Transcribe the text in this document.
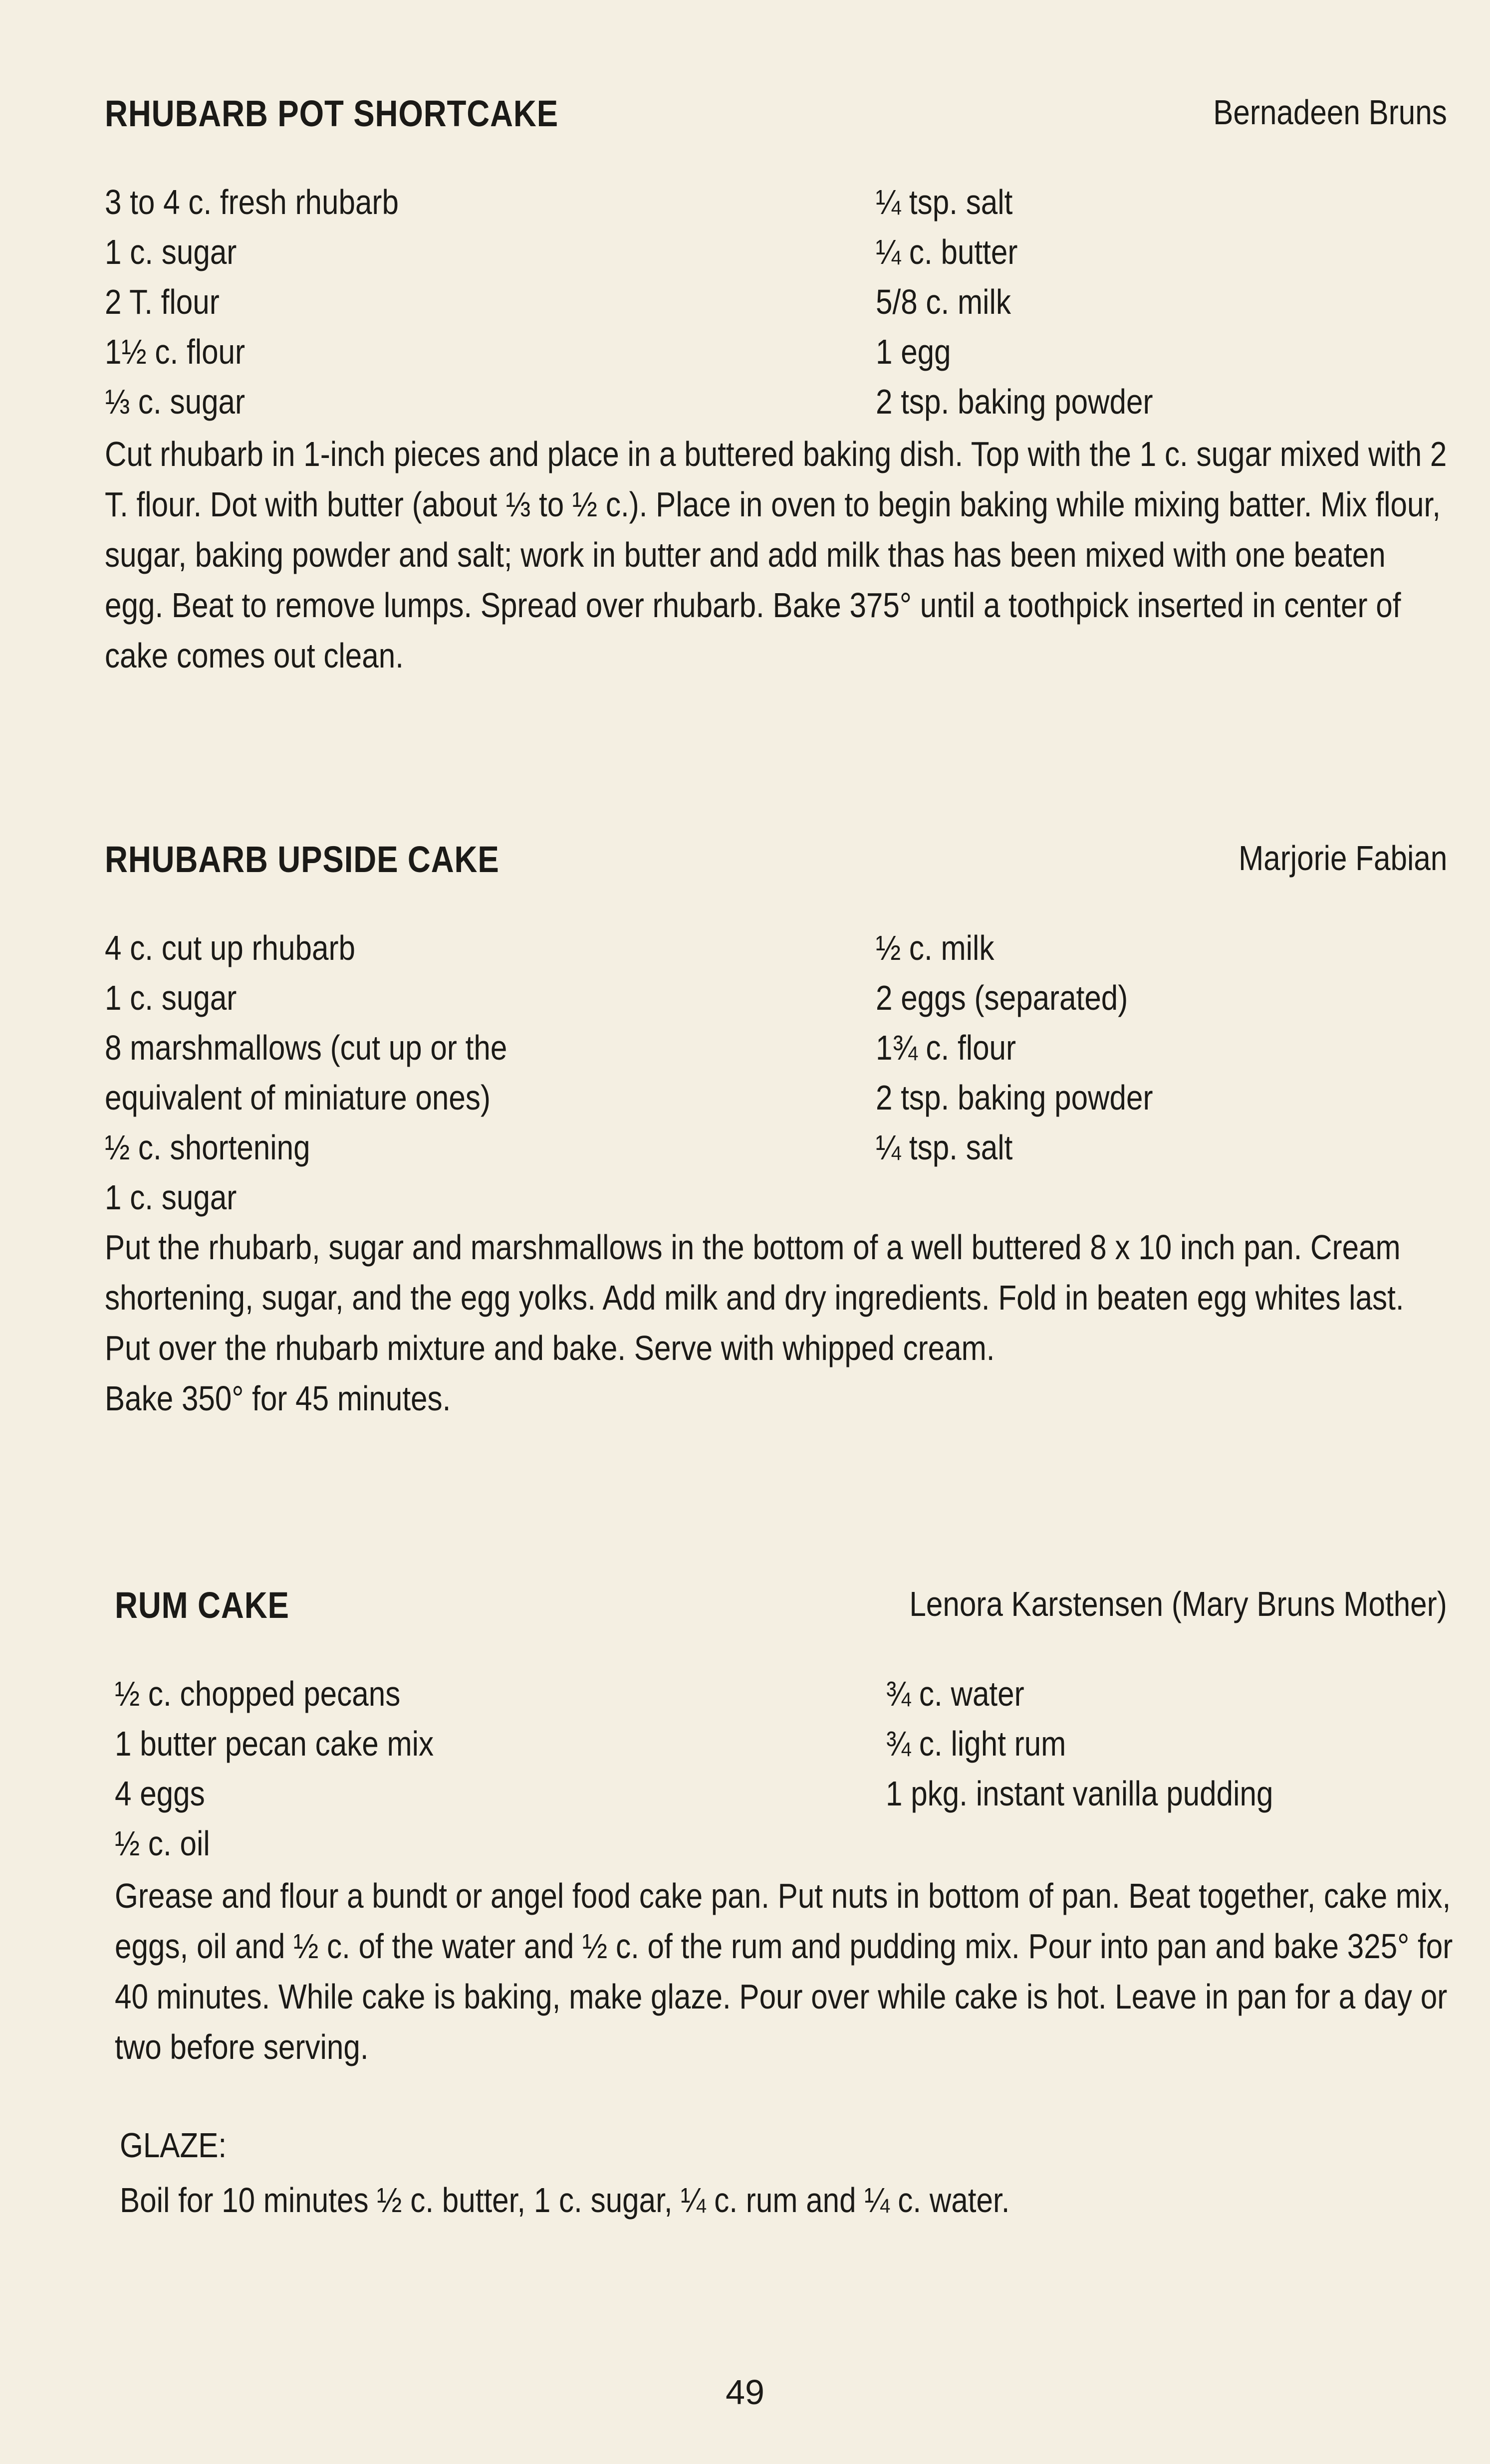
RHUBARB POT SHORTCAKE	Bernadeen Bruns
3 to 4 c. fresh rhubarb
1 c. sugar
2 T. flour
1½ c. flour
⅓ c. sugar
¼ tsp. salt
¼ c. butter
5/8 c. milk
1 egg
2 tsp. baking powder

Cut rhubarb in 1-inch pieces and place in a buttered baking dish. Top with the 1 c. sugar mixed with 2 T. flour. Dot with butter (about ⅓ to ½ c.). Place in oven to begin baking while mixing batter. Mix flour, sugar, baking powder and salt; work in butter and add milk thas has been mixed with one beaten egg. Beat to remove lumps. Spread over rhubarb. Bake 375° until a toothpick inserted in center of cake comes out clean.

RHUBARB UPSIDE CAKE	Marjorie Fabian
4 c. cut up rhubarb
1 c. sugar
8 marshmallows (cut up or the
equivalent of miniature ones)
½ c. shortening
1 c. sugar
½ c. milk
2 eggs (separated)
1¾ c. flour
2 tsp. baking powder
¼ tsp. salt

Put the rhubarb, sugar and marshmallows in the bottom of a well buttered 8 x 10 inch pan. Cream shortening, sugar, and the egg yolks. Add milk and dry ingredients. Fold in beaten egg whites last. Put over the rhubarb mixture and bake. Serve with whipped cream.

Bake 350° for 45 minutes.

RUM CAKE	Lenora Karstensen (Mary Bruns Mother)
½ c. chopped pecans
1 butter pecan cake mix
4 eggs
½ c. oil
¾ c. water
¾ c. light rum
1 pkg. instant vanilla pudding

Grease and flour a bundt or angel food cake pan. Put nuts in bottom of pan. Beat together, cake mix, eggs, oil and ½ c. of the water and ½ c. of the rum and pudding mix. Pour into pan and bake 325° for 40 minutes. While cake is baking, make glaze. Pour over while cake is hot. Leave in pan for a day or two before serving.

GLAZE:

Boil for 10 minutes ½ c. butter, 1 c. sugar, ¼ c. rum and ¼ c. water.

49
